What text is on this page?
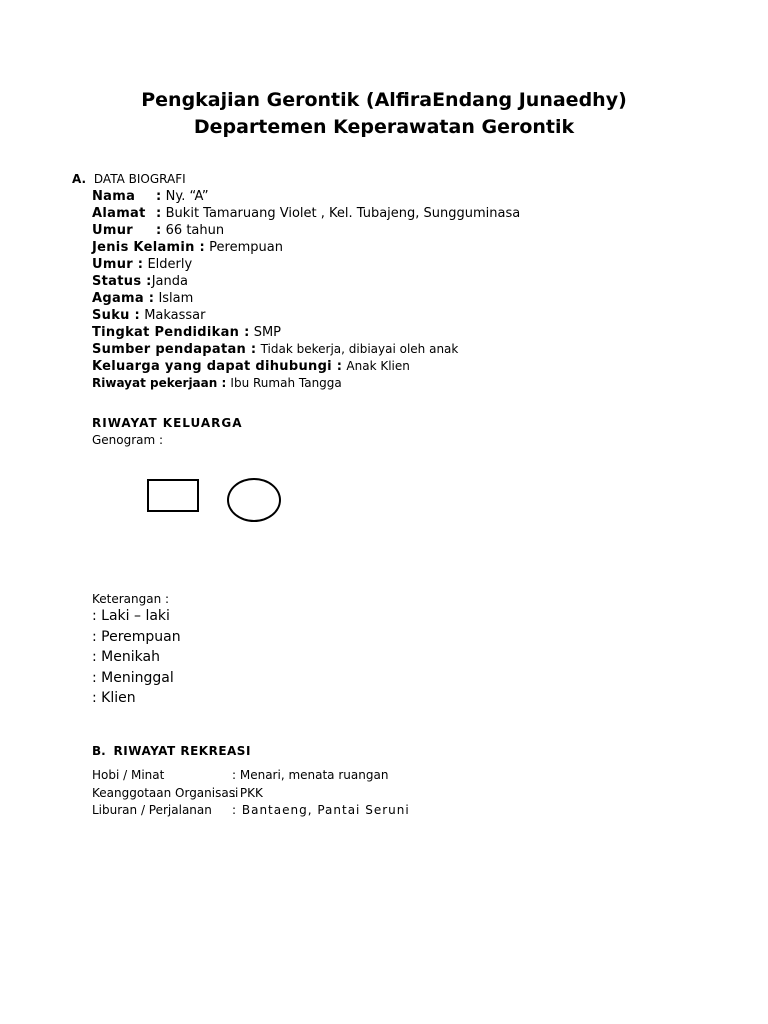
Pengkajian Gerontik (AlfiraEndang Junaedhy)
Departemen Keperawatan Gerontik
A. DATA BIOGRAFI
Nama : Ny. “A”
Alamat : Bukit Tamaruang Violet , Kel. Tubajeng, Sungguminasa
Umur : 66 tahun
Jenis Kelamin : Perempuan
Umur : Elderly
Status :Janda
Agama : Islam
Suku : Makassar
Tingkat Pendidikan : SMP
Sumber pendapatan : Tidak bekerja, dibiayai oleh anak
Keluarga yang dapat dihubungi : Anak Klien
Riwayat pekerjaan : Ibu Rumah Tangga
RIWAYAT KELUARGA
Genogram :
Keterangan :
: Laki – laki
: Perempuan
: Menikah
: Meninggal
: Klien
B. RIWAYAT REKREASI
Hobi / Minat	: Menari, menata ruangan
Keanggotaan Organisasi: PKK
Liburan / Perjalanan : Bantaeng, Pantai Seruni
